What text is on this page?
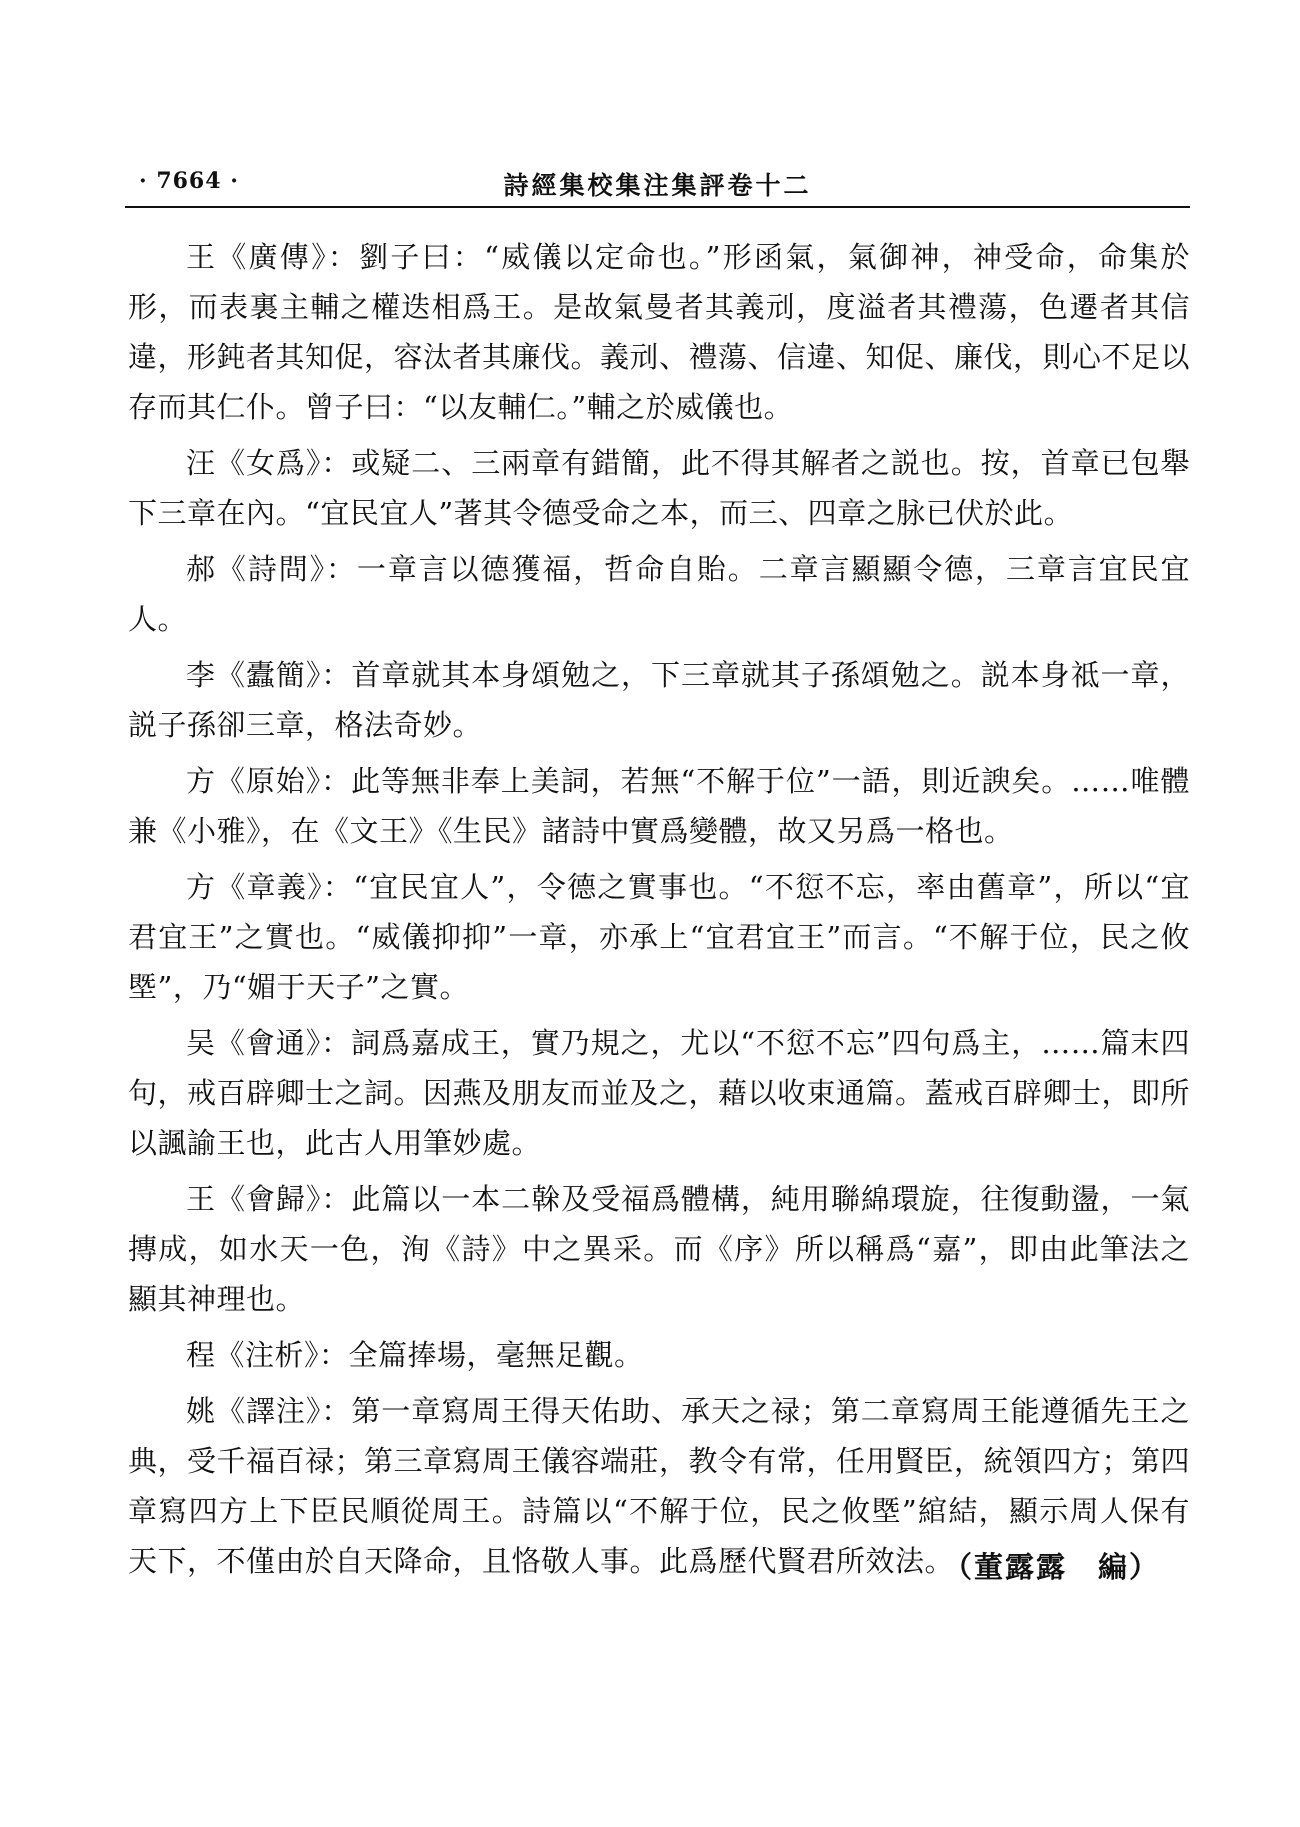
· 7664 ·	詩經集校集注集評卷十二

王《廣傳》：劉子曰：“威儀以定命也。”形函氣，氣御神，神受命，命集於形，而表裏主輔之權迭相爲王。是故氣曼者其義刓，度溢者其禮蕩，色遷者其信違，形鈍者其知促，容汰者其廉伐。義刓、禮蕩、信違、知促、廉伐，則心不足以存而其仁仆。曾子曰：“以友輔仁。”輔之於威儀也。

汪《女爲》：或疑二、三兩章有錯簡，此不得其解者之説也。按，首章已包舉下三章在內。“宜民宜人”著其令德受命之本，而三、四章之脉已伏於此。

郝《詩問》：一章言以德獲福，哲命自貽。二章言顯顯令德，三章言宜民宜人。

李《蠹簡》：首章就其本身頌勉之，下三章就其子孫頌勉之。説本身祗一章，説子孫卻三章，格法奇妙。

方《原始》：此等無非奉上美詞，若無“不解于位”一語，則近諛矣。……唯體兼《小雅》，在《文王》《生民》諸詩中實爲變體，故又另爲一格也。

方《章義》：“宜民宜人”，令德之實事也。“不愆不忘，率由舊章”，所以“宜君宜王”之實也。“威儀抑抑”一章，亦承上“宜君宜王”而言。“不解于位，民之攸塈”，乃“媚于天子”之實。

吴《會通》：詞爲嘉成王，實乃規之，尤以“不愆不忘”四句爲主，……篇末四句，戒百辟卿士之詞。因燕及朋友而並及之，藉以收束通篇。蓋戒百辟卿士，即所以諷諭王也，此古人用筆妙處。

王《會歸》：此篇以一本二榦及受福爲體構，純用聯綿環旋，往復動盪，一氣摶成，如水天一色，洵《詩》中之異采。而《序》所以稱爲“嘉”，即由此筆法之顯其神理也。

程《注析》：全篇捧場，毫無足觀。

姚《譯注》：第一章寫周王得天佑助、承天之禄；第二章寫周王能遵循先王之典，受千福百禄；第三章寫周王儀容端莊，教令有常，任用賢臣，統領四方；第四章寫四方上下臣民順從周王。詩篇以“不解于位，民之攸塈”綰結，顯示周人保有天下，不僅由於自天降命，且恪敬人事。此爲歷代賢君所效法。

（董露露　編）
